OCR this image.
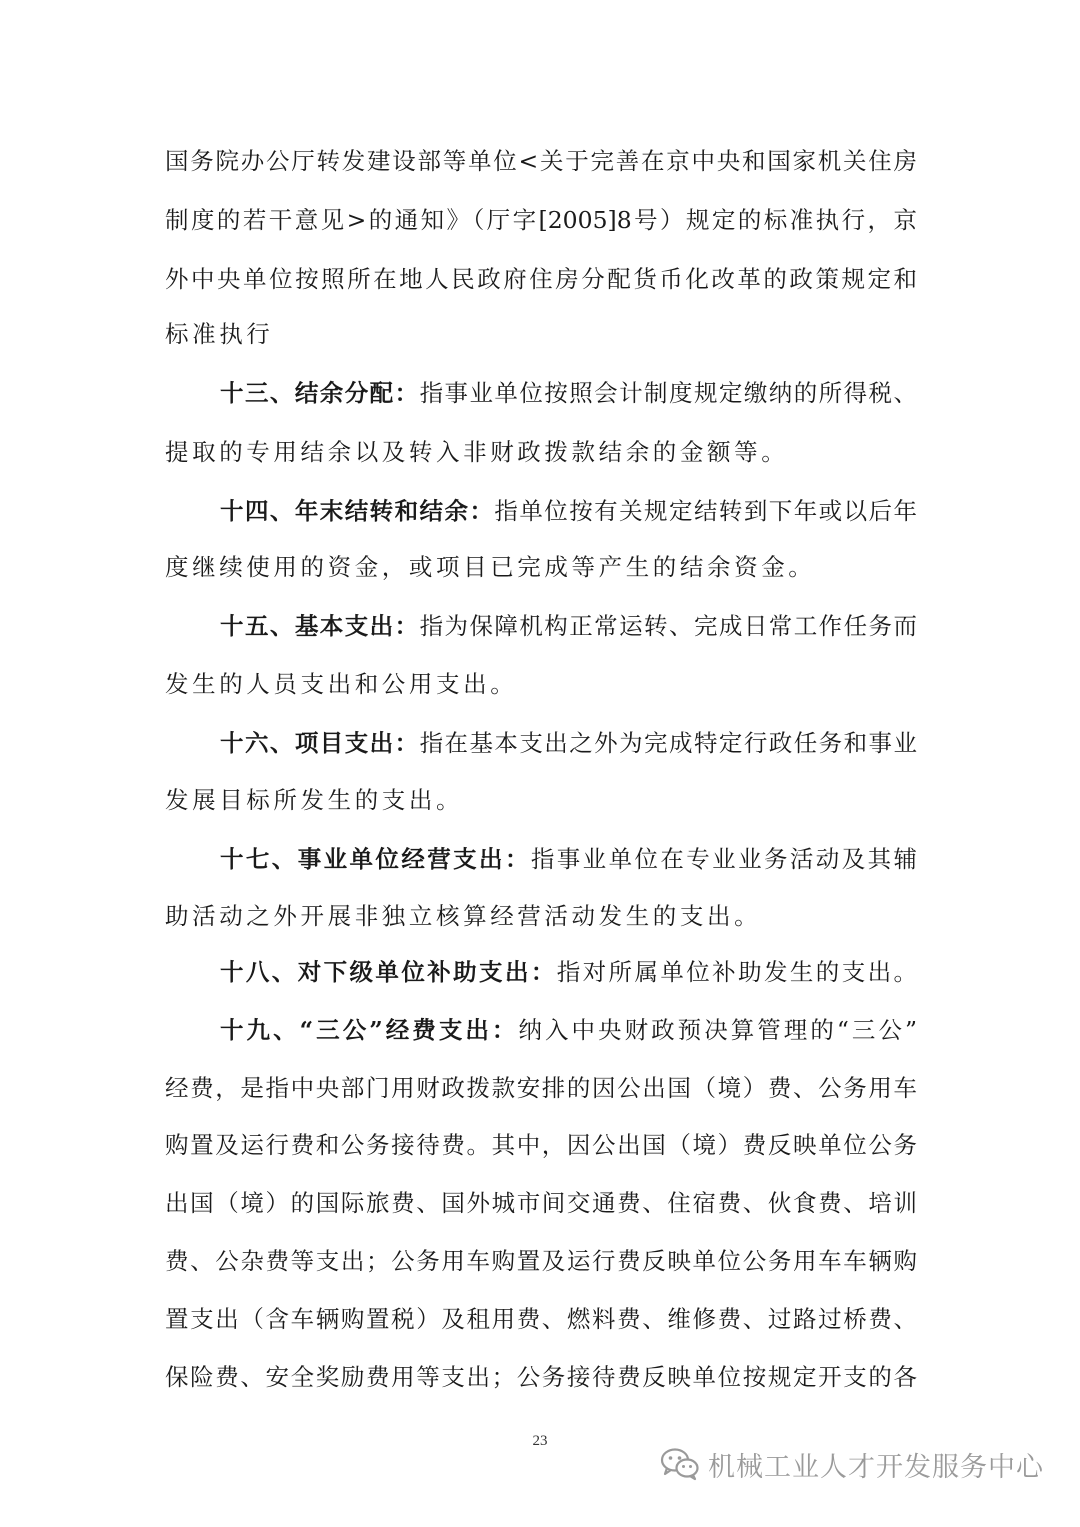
国务院办公厅转发建设部等单位<关于完善在京中央和国家机关住房
制度的若干意见>的通知》（厅字[2005]8号）规定的标准执行，京
外中央单位按照所在地人民政府住房分配货币化改革的政策规定和
标准执行
十三、结余分配：指事业单位按照会计制度规定缴纳的所得税、
提取的专用结余以及转入非财政拨款结余的金额等。
十四、年末结转和结余：指单位按有关规定结转到下年或以后年
度继续使用的资金，或项目已完成等产生的结余资金。
十五、基本支出：指为保障机构正常运转、完成日常工作任务而
发生的人员支出和公用支出。
十六、项目支出：指在基本支出之外为完成特定行政任务和事业
发展目标所发生的支出。
十七、事业单位经营支出：指事业单位在专业业务活动及其辅
助活动之外开展非独立核算经营活动发生的支出。
十八、对下级单位补助支出：指对所属单位补助发生的支出。
十九、“三公”经费支出：纳入中央财政预决算管理的“三公”
经费，是指中央部门用财政拨款安排的因公出国（境）费、公务用车
购置及运行费和公务接待费。其中，因公出国（境）费反映单位公务
出国（境）的国际旅费、国外城市间交通费、住宿费、伙食费、培训
费、公杂费等支出；公务用车购置及运行费反映单位公务用车车辆购
置支出（含车辆购置税）及租用费、燃料费、维修费、过路过桥费、
保险费、安全奖励费用等支出；公务接待费反映单位按规定开支的各
23
机械工业人才开发服务中心
